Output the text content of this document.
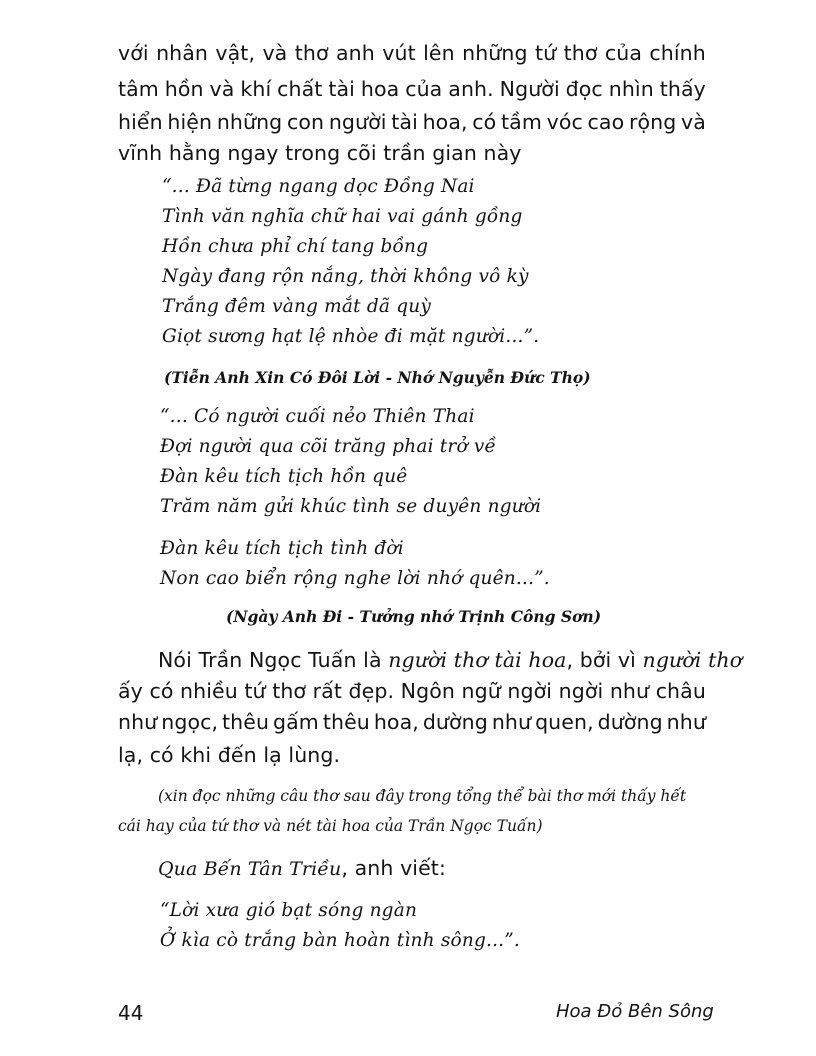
với nhân vật, và thơ anh vút lên những tứ thơ của chính
tâm hồn và khí chất tài hoa của anh. Người đọc nhìn thấy
hiển hiện những con người tài hoa, có tầm vóc cao rộng và
vĩnh hằng ngay trong cõi trần gian này
“... Đã từng ngang dọc Đồng Nai
Tình văn nghĩa chữ hai vai gánh gồng
Hồn chưa phỉ chí tang bồng
Ngày đang rộn nắng, thời không vô kỳ
Trắng đêm vàng mắt dã quỳ
Giọt sương hạt lệ nhòe đi mặt người...”.
(Tiễn Anh Xin Có Đôi Lời - Nhớ Nguyễn Đức Thọ)
“... Có người cuối nẻo Thiên Thai
Đợi người qua cõi trăng phai trở về
Đàn kêu tích tịch hồn quê
Trăm năm gửi khúc tình se duyên người
Đàn kêu tích tịch tình đời
Non cao biển rộng nghe lời nhớ quên...”.
(Ngày Anh Đi - Tưởng nhớ Trịnh Công Sơn)
Nói Trần Ngọc Tuấn là người thơ tài hoa, bởi vì người thơ
ấy có nhiều tứ thơ rất đẹp. Ngôn ngữ ngời ngời như châu
như ngọc, thêu gấm thêu hoa, dường như quen, dường như
lạ, có khi đến lạ lùng.
(xin đọc những câu thơ sau đây trong tổng thể bài thơ mới thấy hết
cái hay của tứ thơ và nét tài hoa của Trần Ngọc Tuấn)
Qua Bến Tân Triều, anh viết:
“Lời xưa gió bạt sóng ngàn
Ở kìa cò trắng bàn hoàn tình sông...”.
44	Hoa Đỏ Bên Sông
